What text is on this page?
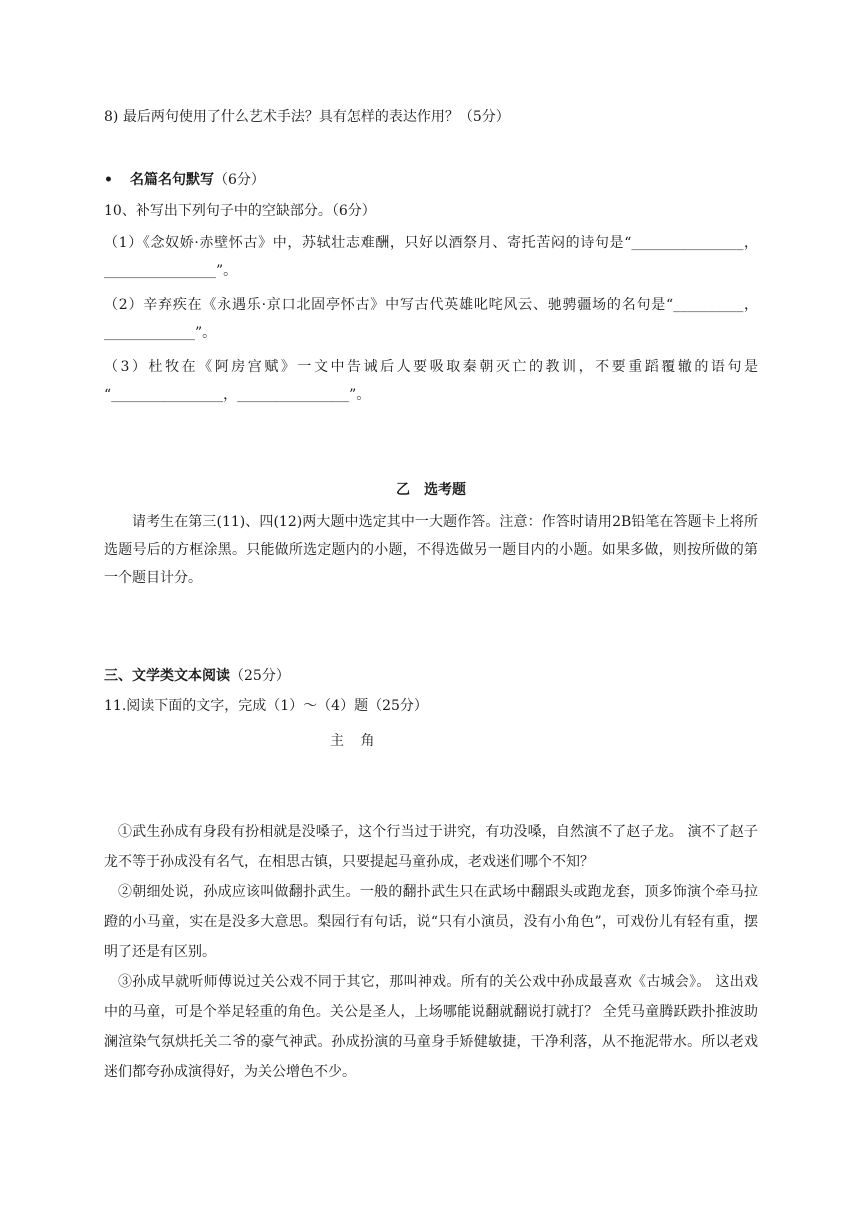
8) 最后两句使用了什么艺术手法？具有怎样的表达作用？（5分）
• 名篇名句默写（6分）
10、补写出下列句子中的空缺部分。（6分）
（1）《念奴娇·赤壁怀古》中，苏轼壮志难酬，只好以酒祭月、寄托苦闷的诗句是“________________，________________”。
（2）辛弃疾在《永遇乐·京口北固亭怀古》中写古代英雄叱咤风云、驰骋疆场的名句是“__________，_____________”。
（3）杜牧在《阿房宫赋》一文中告诫后人要吸取秦朝灭亡的教训，不要重蹈覆辙的语句是 “________________，________________”。
乙　选考题
请考生在第三(11)、四(12)两大题中选定其中一大题作答。注意：作答时请用2B铅笔在答题卡上将所选题号后的方框涂黑。只能做所选定题内的小题，不得选做另一题目内的小题。如果多做，则按所做的第一个题目计分。
三、文学类文本阅读（25分）
11.阅读下面的文字，完成（1）～（4）题（25分）
主 角

①武生孙成有身段有扮相就是没嗓子，这个行当过于讲究，有功没嗓，自然演不了赵子龙。 演不了赵子龙不等于孙成没有名气，在相思古镇，只要提起马童孙成，老戏迷们哪个不知？

②朝细处说，孙成应该叫做翻扑武生。一般的翻扑武生只在武场中翻跟头或跑龙套，顶多饰演个牵马拉蹬的小马童，实在是没多大意思。梨园行有句话，说“只有小演员，没有小角色”，可戏份儿有轻有重，摆明了还是有区别。

③孙成早就听师傅说过关公戏不同于其它，那叫神戏。所有的关公戏中孙成最喜欢《古城会》。 这出戏中的马童，可是个举足轻重的角色。关公是圣人，上场哪能说翻就翻说打就打？ 全凭马童腾跃跌扑推波助澜渲染气氛烘托关二爷的豪气神武。孙成扮演的马童身手矫健敏捷，干净利落，从不拖泥带水。所以老戏迷们都夸孙成演得好，为关公增色不少。
